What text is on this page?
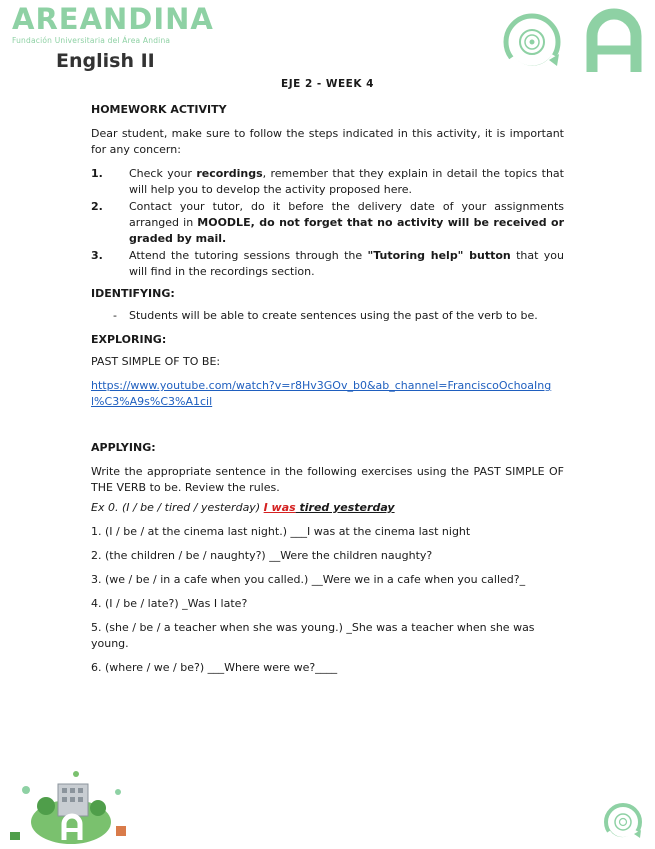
AREANDINA
Fundación Universitaria del Área Andina
English II
EJE 2 - WEEK 4

HOMEWORK ACTIVITY

Dear student, make sure to follow the steps indicated in this activity, it is important for any concern:

1. Check your recordings, remember that they explain in detail the topics that will help you to develop the activity proposed here.
2. Contact your tutor, do it before the delivery date of your assignments arranged in MOODLE, do not forget that no activity will be received or graded by mail.
3. Attend the tutoring sessions through the "Tutoring help" button that you will find in the recordings section.

IDENTIFYING:

- Students will be able to create sentences using the past of the verb to be.

EXPLORING:

PAST SIMPLE OF TO BE:

https://www.youtube.com/watch?v=r8Hv3GOv_b0&ab_channel=FranciscoOchoaIngl%C3%A9s%C3%A1cil

APPLYING:

Write the appropriate sentence in the following exercises using the PAST SIMPLE OF THE VERB to be. Review the rules.

Ex 0. (I / be / tired / yesterday) I was tired yesterday

1. (I / be / at the cinema last night.) ___I was at the cinema last night

2. (the children / be / naughty?) __Were the children naughty?

3. (we / be / in a cafe when you called.) __Were we in a cafe when you called?_

4. (I / be / late?) _Was I late?

5. (she / be / a teacher when she was young.) _She was a teacher when she was young.

6. (where / we / be?) ___Where were we?____
